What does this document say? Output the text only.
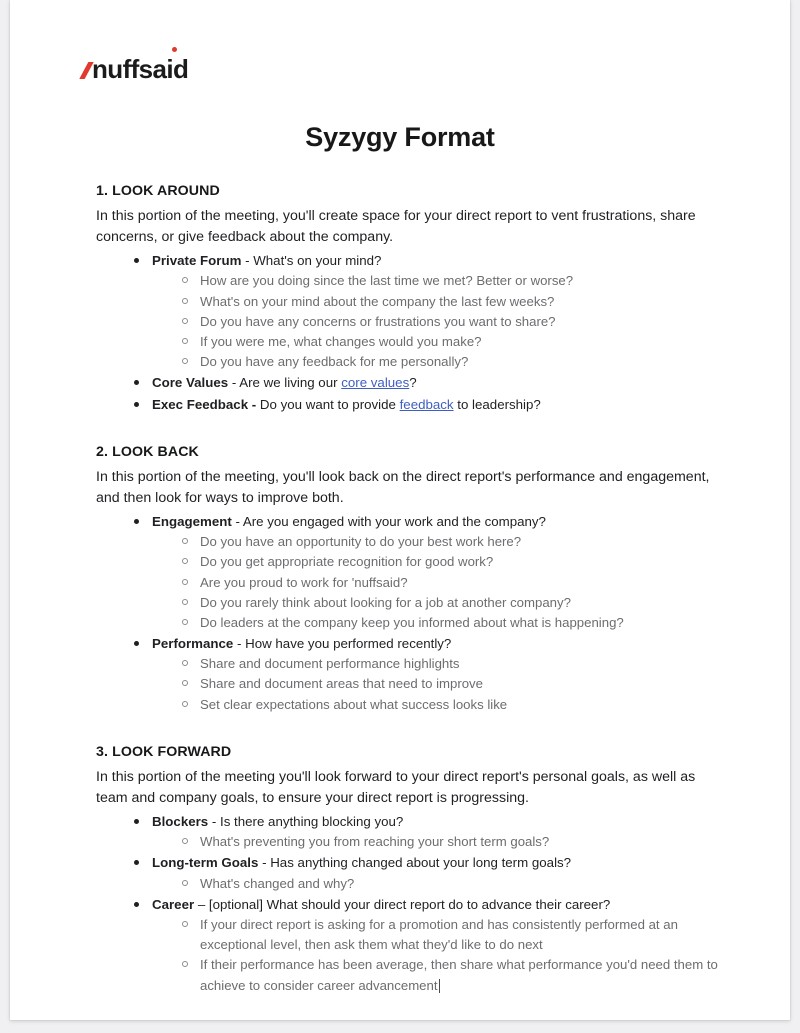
nuffsaid
Syzygy Format
1. LOOK AROUND

In this portion of the meeting, you'll create space for your direct report to vent frustrations, share concerns, or give feedback about the company.

Private Forum - What's on your mind?
How are you doing since the last time we met? Better or worse?
What's on your mind about the company the last few weeks?
Do you have any concerns or frustrations you want to share?
If you were me, what changes would you make?
Do you have any feedback for me personally?
Core Values - Are we living our core values?
Exec Feedback - Do you want to provide feedback to leadership?
2. LOOK BACK

In this portion of the meeting, you'll look back on the direct report's performance and engagement, and then look for ways to improve both.

Engagement - Are you engaged with your work and the company?
Do you have an opportunity to do your best work here?
Do you get appropriate recognition for good work?
Are you proud to work for 'nuffsaid?
Do you rarely think about looking for a job at another company?
Do leaders at the company keep you informed about what is happening?
Performance - How have you performed recently?
Share and document performance highlights
Share and document areas that need to improve
Set clear expectations about what success looks like
3. LOOK FORWARD

In this portion of the meeting you'll look forward to your direct report's personal goals, as well as team and company goals, to ensure your direct report is progressing.

Blockers - Is there anything blocking you?
What's preventing you from reaching your short term goals?
Long-term Goals - Has anything changed about your long term goals?
What's changed and why?
Career – [optional] What should your direct report do to advance their career?
If your direct report is asking for a promotion and has consistently performed at an exceptional level, then ask them what they'd like to do next
If their performance has been average, then share what performance you'd need them to achieve to consider career advancement
